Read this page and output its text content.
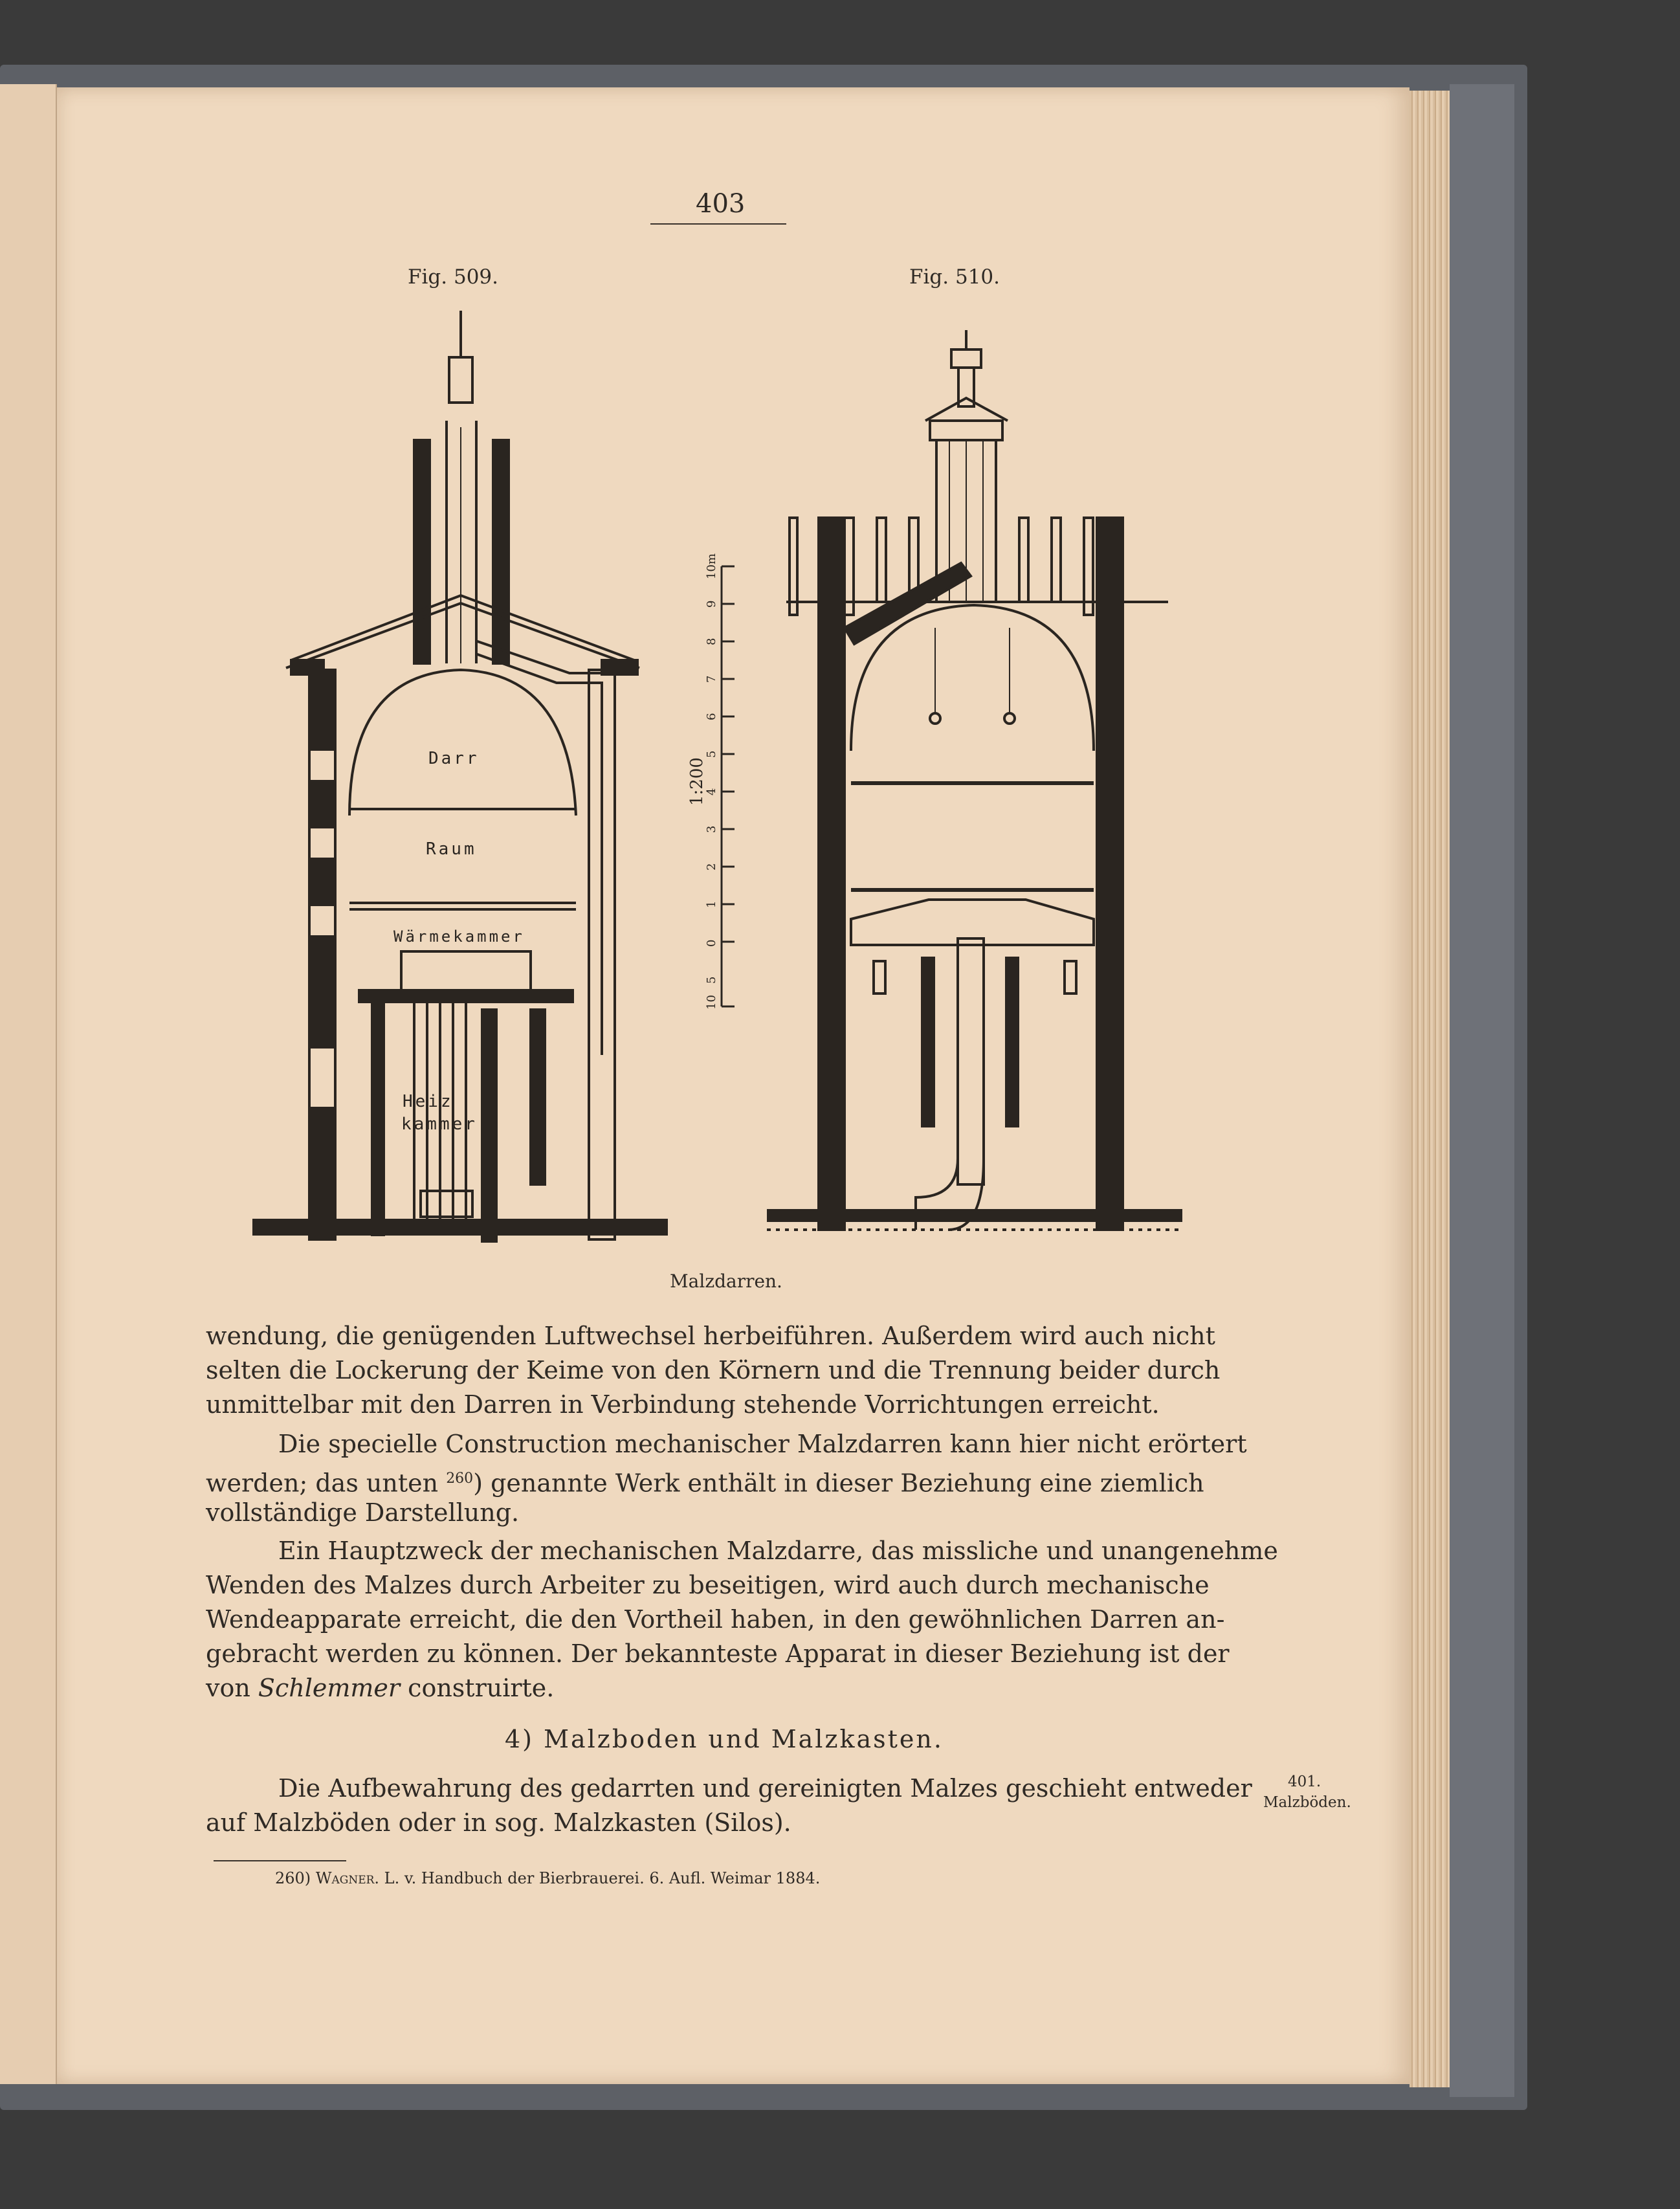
403
Fig. 509.	Fig. 510.
Darr
Raum
Wärmekammer
Heiz
kammer
10
5
0
1
2
3
4
5
6
7
8
9
10m
1:200
Malzdarren.
wendung, die genügenden Luftwechsel herbeiführen. Außerdem wird auch nicht
selten die Lockerung der Keime von den Körnern und die Trennung beider durch
unmittelbar mit den Darren in Verbindung stehende Vorrichtungen erreicht.
Die specielle Construction mechanischer Malzdarren kann hier nicht erörtert
werden; das unten $^{260}$) genannte Werk enthält in dieser Beziehung eine ziemlich
vollständige Darstellung.
Ein Hauptzweck der mechanischen Malzdarre, das missliche und unangenehme
Wenden des Malzes durch Arbeiter zu beseitigen, wird auch durch mechanische
Wendeapparate erreicht, die den Vortheil haben, in den gewöhnlichen Darren an-
gebracht werden zu können. Der bekannteste Apparat in dieser Beziehung ist der
von Schlemmer construirte.
4) Malzboden und Malzkasten.
Die Aufbewahrung des gedarrten und gereinigten Malzes geschieht entweder
auf Malzböden oder in sog. Malzkasten (Silos).
401.
Malzböden.
260) Wagner. L. v. Handbuch der Bierbrauerei. 6. Aufl. Weimar 1884.
